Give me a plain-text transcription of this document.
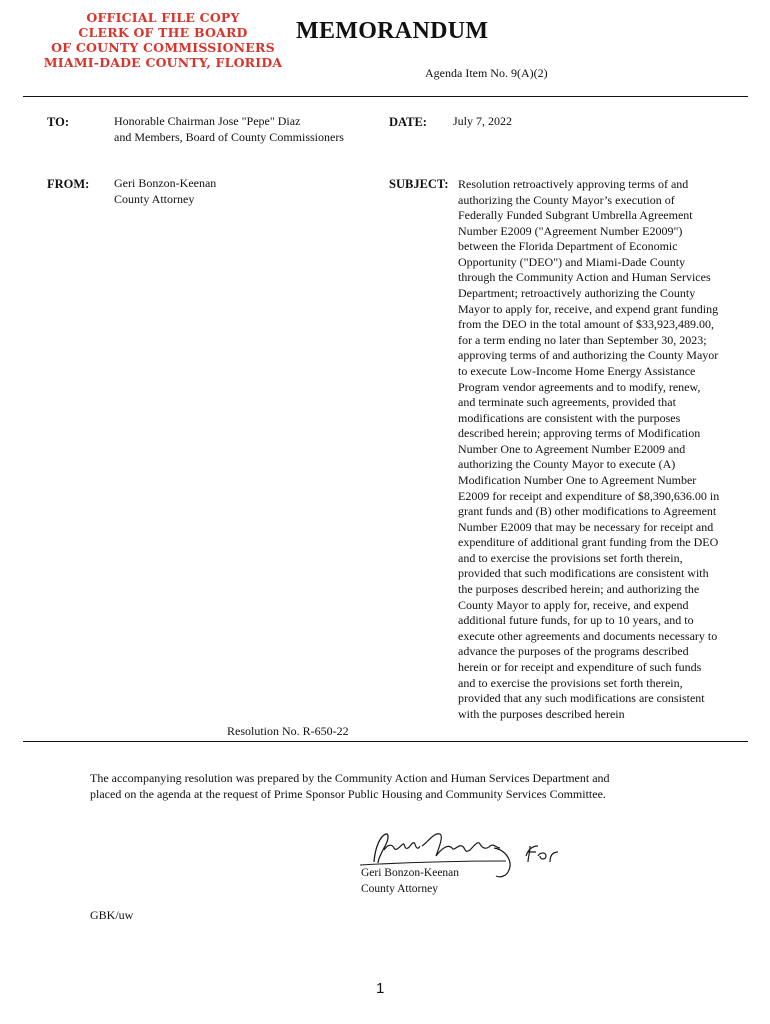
OFFICIAL FILE COPY
CLERK OF THE BOARD
OF COUNTY COMMISSIONERS
MIAMI-DADE COUNTY, FLORIDA
MEMORANDUM
Agenda Item No. 9(A)(2)
TO:	Honorable Chairman Jose "Pepe" Diaz
and Members, Board of County Commissioners
DATE: July 7, 2022
FROM: Geri Bonzon-Keenan
County Attorney
SUBJECT: Resolution retroactively approving terms of and
authorizing the County Mayor’s execution of
Federally Funded Subgrant Umbrella Agreement
Number E2009 ("Agreement Number E2009")
between the Florida Department of Economic
Opportunity ("DEO") and Miami-Dade County
through the Community Action and Human Services
Department; retroactively authorizing the County
Mayor to apply for, receive, and expend grant funding
from the DEO in the total amount of $33,923,489.00,
for a term ending no later than September 30, 2023;
approving terms of and authorizing the County Mayor
to execute Low-Income Home Energy Assistance
Program vendor agreements and to modify, renew,
and terminate such agreements, provided that
modifications are consistent with the purposes
described herein; approving terms of Modification
Number One to Agreement Number E2009 and
authorizing the County Mayor to execute (A)
Modification Number One to Agreement Number
E2009 for receipt and expenditure of $8,390,636.00 in
grant funds and (B) other modifications to Agreement
Number E2009 that may be necessary for receipt and
expenditure of additional grant funding from the DEO
and to exercise the provisions set forth therein,
provided that such modifications are consistent with
the purposes described herein; and authorizing the
County Mayor to apply for, receive, and expend
additional future funds, for up to 10 years, and to
execute other agreements and documents necessary to
advance the purposes of the programs described
herein or for receipt and expenditure of such funds
and to exercise the provisions set forth therein,
provided that any such modifications are consistent
with the purposes described herein
Resolution No. R-650-22
The accompanying resolution was prepared by the Community Action and Human Services Department and
placed on the agenda at the request of Prime Sponsor Public Housing and Community Services Committee.
Geri Bonzon-Keenan
County Attorney
GBK/uw
1
